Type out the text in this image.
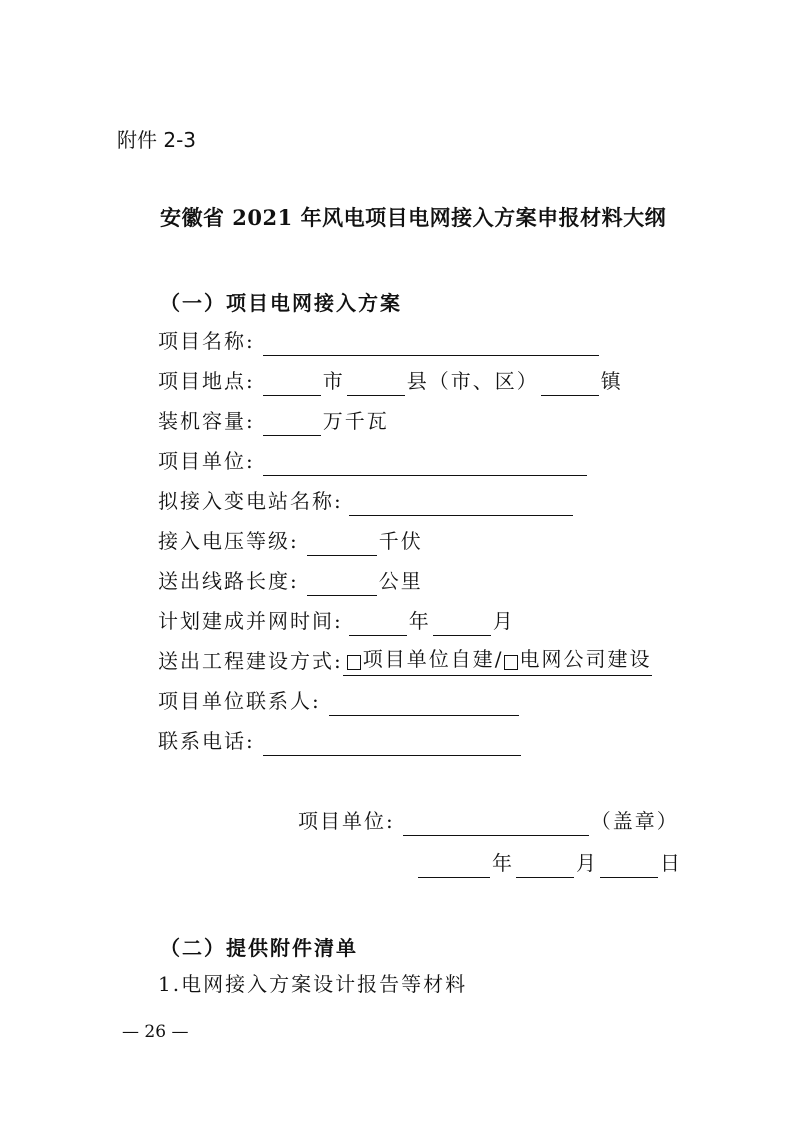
附件 2-3
安徽省 2021 年风电项目电网接入方案申报材料大纲
（一）项目电网接入方案
项目名称:
项目地点:	市	县（市、区）	镇
装机容量:	万千瓦
项目单位:
拟接入变电站名称:
接入电压等级:	千伏
送出线路长度:	公里
计划建成并网时间:	年	月
送出工程建设方式: 项目单位自建/ 电网公司建设
项目单位联系人:
联系电话:
项目单位:	（盖章）
年	月	日
（二）提供附件清单
1.电网接入方案设计报告等材料
— 26 —
